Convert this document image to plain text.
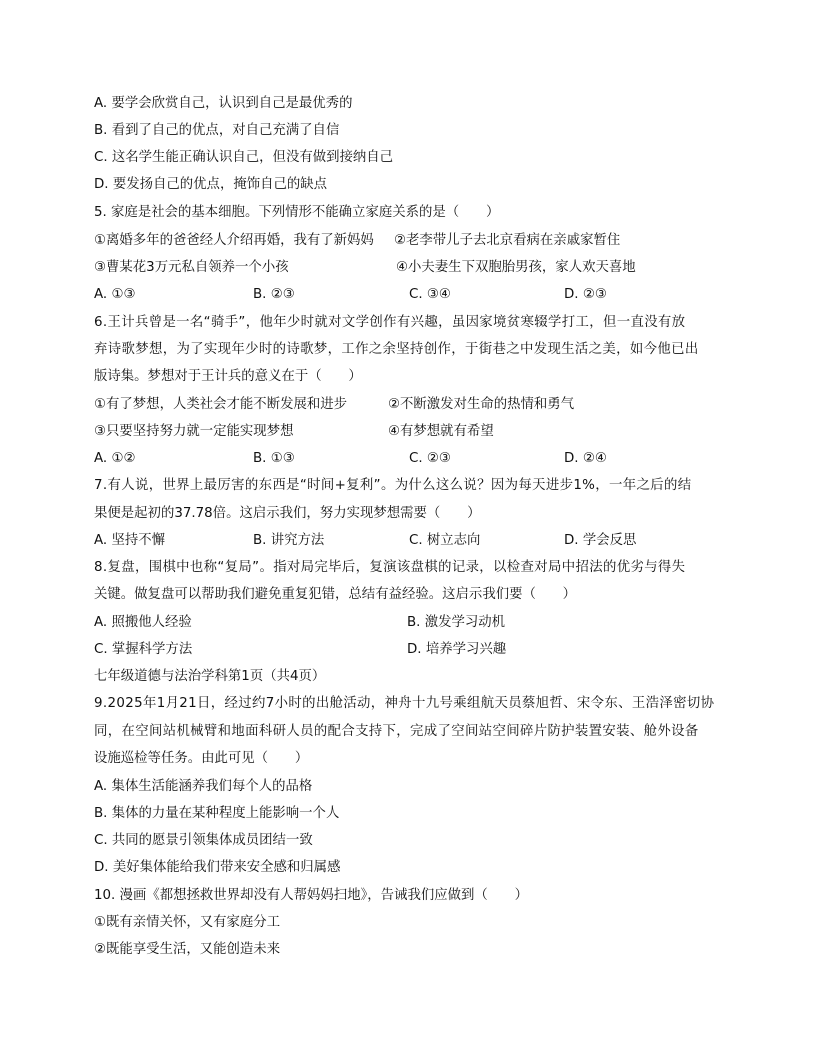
A. 要学会欣赏自己，认识到自己是最优秀的
B. 看到了自己的优点，对自己充满了自信
C. 这名学生能正确认识自己，但没有做到接纳自己
D. 要发扬自己的优点，掩饰自己的缺点
5. 家庭是社会的基本细胞。下列情形不能确立家庭关系的是（　　）
①离婚多年的爸爸经人介绍再婚，我有了新妈妈 ②老李带儿子去北京看病在亲戚家暂住
③曹某花3万元私自领养一个小孩	④小夫妻生下双胞胎男孩，家人欢天喜地
A. ①③	B. ②③	C. ③④	D. ②③
6.王计兵曾是一名“骑手”，他年少时就对文学创作有兴趣，虽因家境贫寒辍学打工，但一直没有放
弃诗歌梦想，为了实现年少时的诗歌梦，工作之余坚持创作，于街巷之中发现生活之美，如今他已出
版诗集。梦想对于王计兵的意义在于（　　）
①有了梦想，人类社会才能不断发展和进步	②不断激发对生命的热情和勇气
③只要坚持努力就一定能实现梦想	④有梦想就有希望
A. ①②	B. ①③	C. ②③	D. ②④
7.有人说，世界上最厉害的东西是“时间+复利”。为什么这么说？因为每天进步1%，一年之后的结
果便是起初的37.78倍。这启示我们，努力实现梦想需要（　　）
A. 坚持不懈	B. 讲究方法	C. 树立志向	D. 学会反思
8.复盘，围棋中也称“复局”。指对局完毕后，复演该盘棋的记录，以检查对局中招法的优劣与得失
关键。做复盘可以帮助我们避免重复犯错，总结有益经验。这启示我们要（　　）
A. 照搬他人经验	B. 激发学习动机
C. 掌握科学方法	D. 培养学习兴趣
七年级道德与法治学科第1页（共4页）
9.2025年1月21日，经过约7小时的出舱活动，神舟十九号乘组航天员蔡旭哲、宋令东、王浩泽密切协
同，在空间站机械臂和地面科研人员的配合支持下，完成了空间站空间碎片防护装置安装、舱外设备
设施巡检等任务。由此可见（　　）
A. 集体生活能涵养我们每个人的品格
B. 集体的力量在某种程度上能影响一个人
C. 共同的愿景引领集体成员团结一致
D. 美好集体能给我们带来安全感和归属感
10. 漫画《都想拯救世界却没有人帮妈妈扫地》，告诫我们应做到（　　）
①既有亲情关怀，又有家庭分工
②既能享受生活，又能创造未来
